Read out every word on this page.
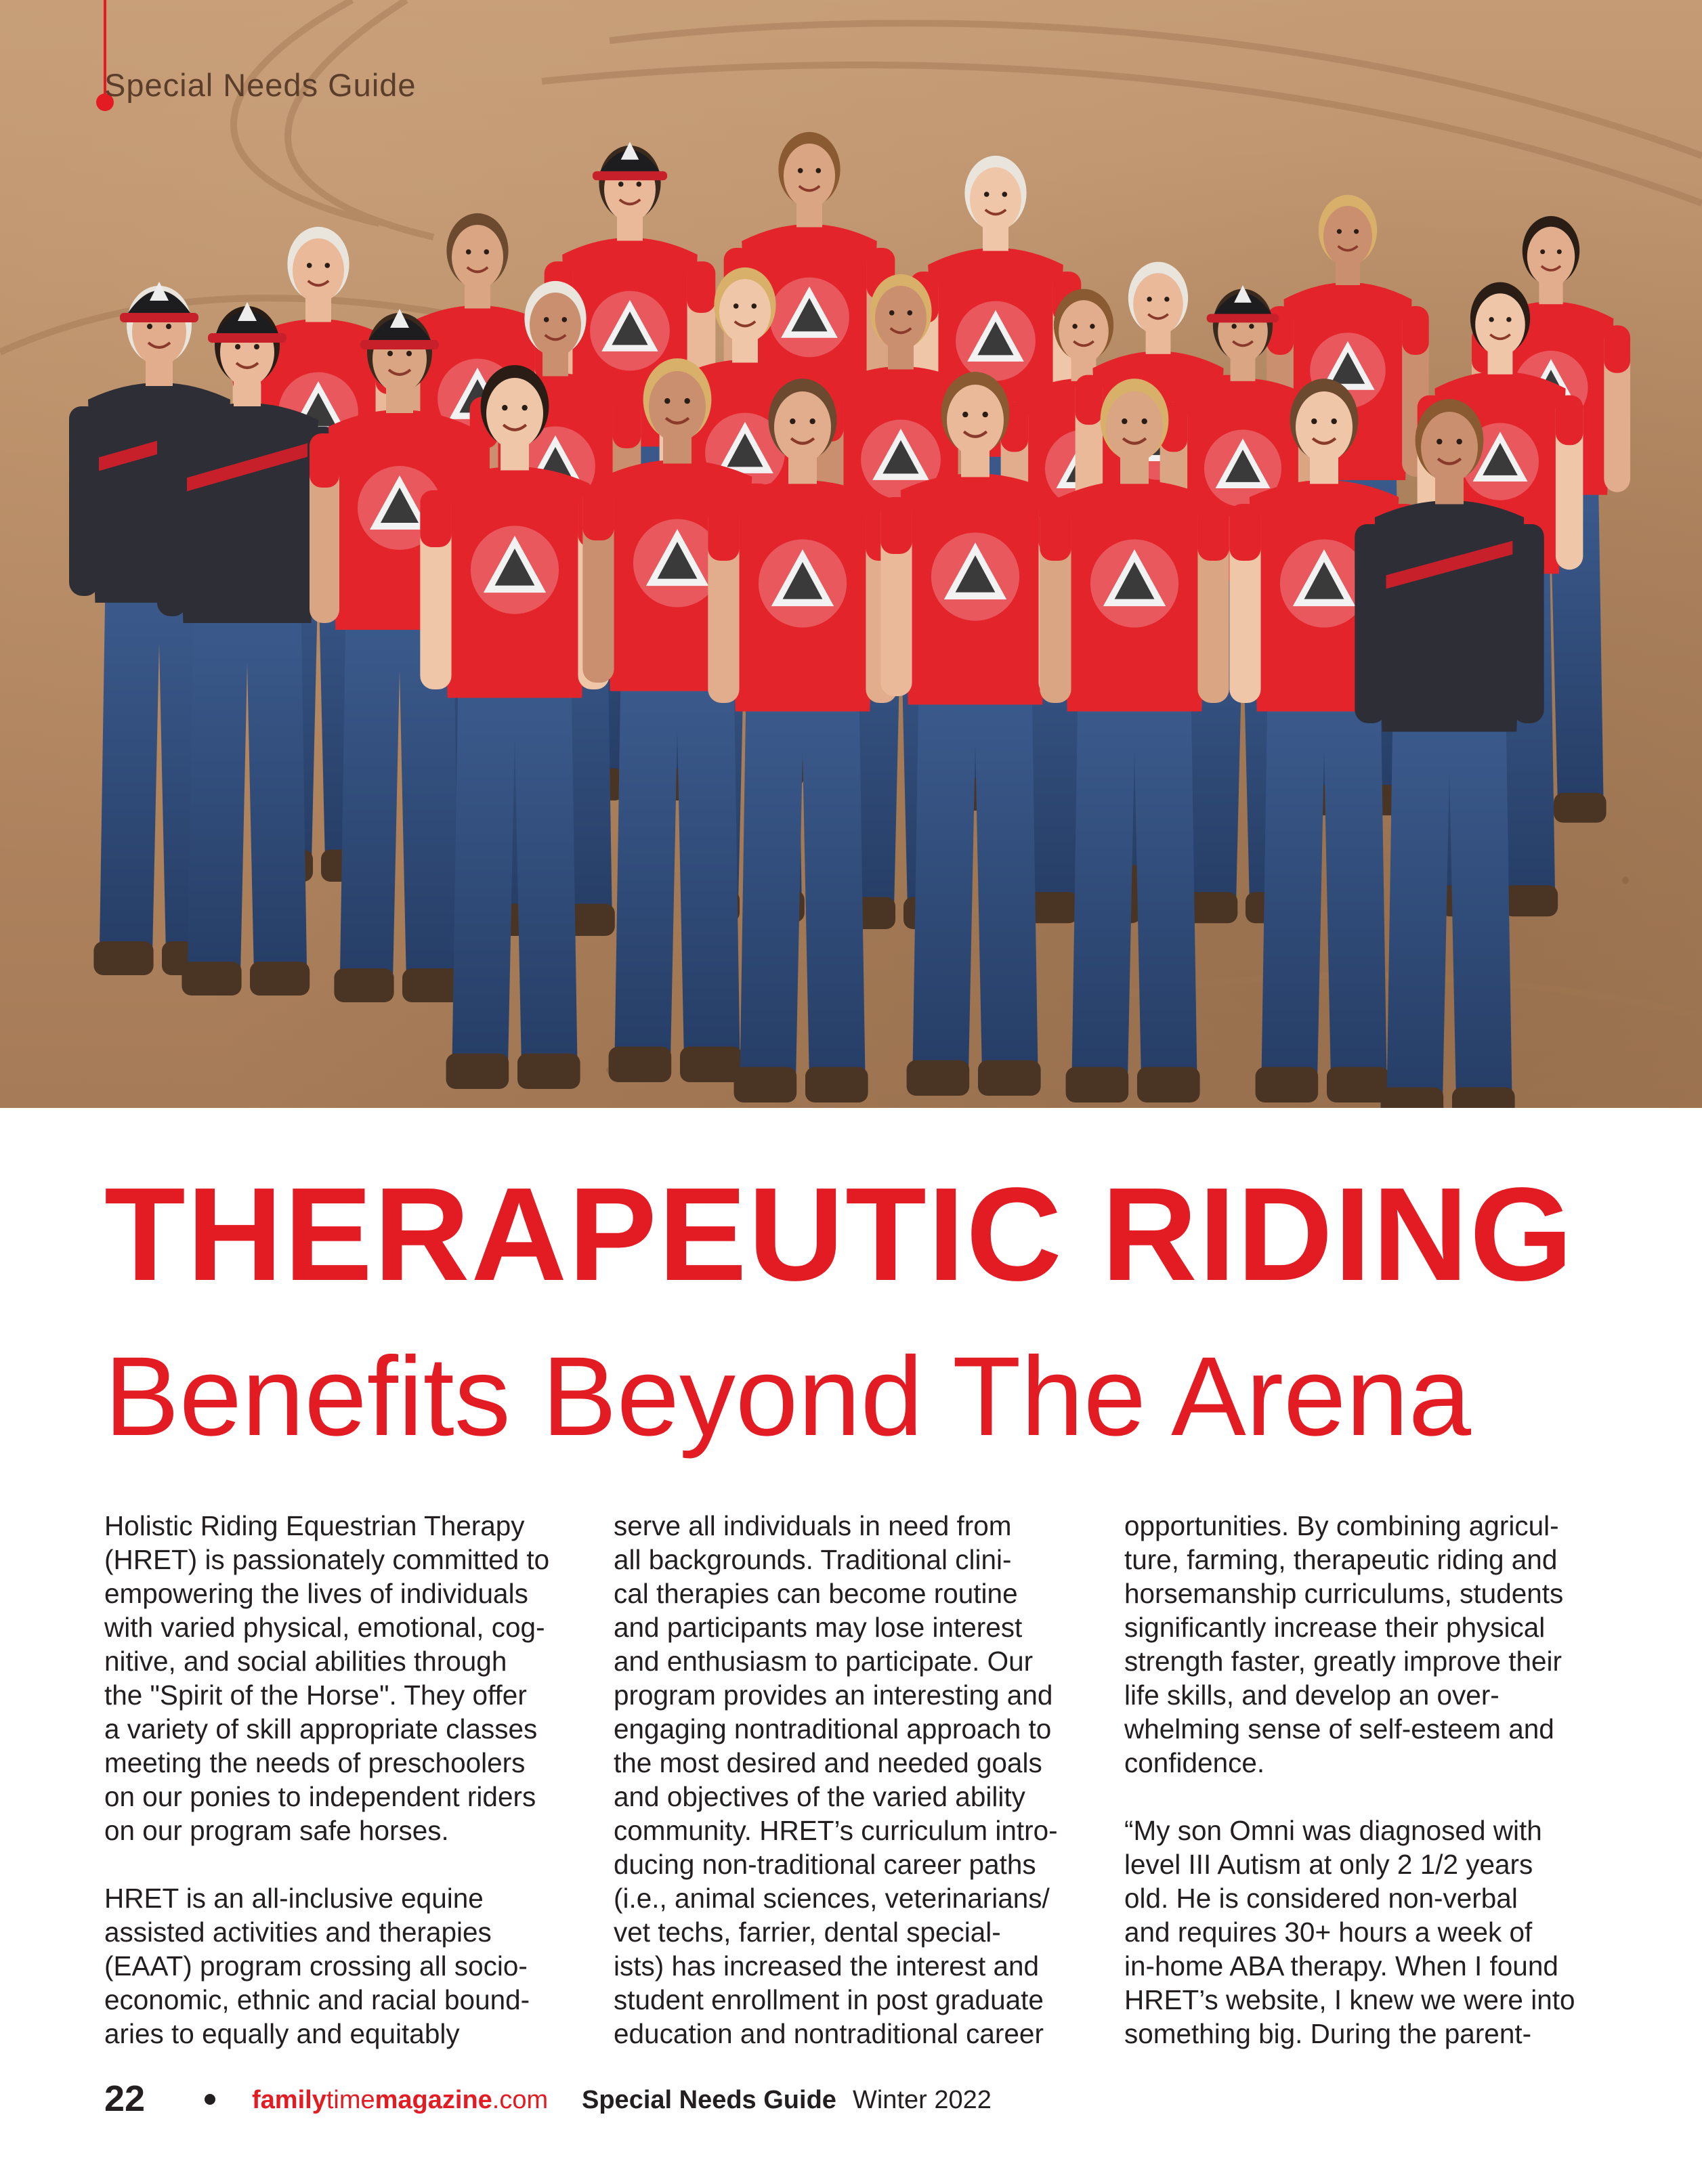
Special Needs Guide
THERAPEUTIC RIDING
Benefits Beyond The Arena
Holistic Riding Equestrian Therapy
(HRET) is passionately committed to
empowering the lives of individuals
with varied physical, emotional, cog-
nitive, and social abilities through
the "Spirit of the Horse". They offer
a variety of skill appropriate classes
meeting the needs of preschoolers
on our ponies to independent riders
on our program safe horses.
HRET is an all-inclusive equine
assisted activities and therapies
(EAAT) program crossing all socio-
economic, ethnic and racial bound-
aries to equally and equitably
serve all individuals in need from
all backgrounds. Traditional clini-
cal therapies can become routine
and participants may lose interest
and enthusiasm to participate. Our
program provides an interesting and
engaging nontraditional approach to
the most desired and needed goals
and objectives of the varied ability
community. HRET’s curriculum intro-
ducing non-traditional career paths
(i.e., animal sciences, veterinarians/
vet techs, farrier, dental special-
ists) has increased the interest and
student enrollment in post graduate
education and nontraditional career
opportunities. By combining agricul-
ture, farming, therapeutic riding and
horsemanship curriculums, students
significantly increase their physical
strength faster, greatly improve their
life skills, and develop an over-
whelming sense of self-esteem and
confidence.
“My son Omni was diagnosed with
level III Autism at only 2 1/2 years
old. He is considered non-verbal
and requires 30+ hours a week of
in-home ABA therapy. When I found
HRET’s website, I knew we were into
something big. During the parent-
22	familytimemagazine.com Special Needs Guide Winter 2022
